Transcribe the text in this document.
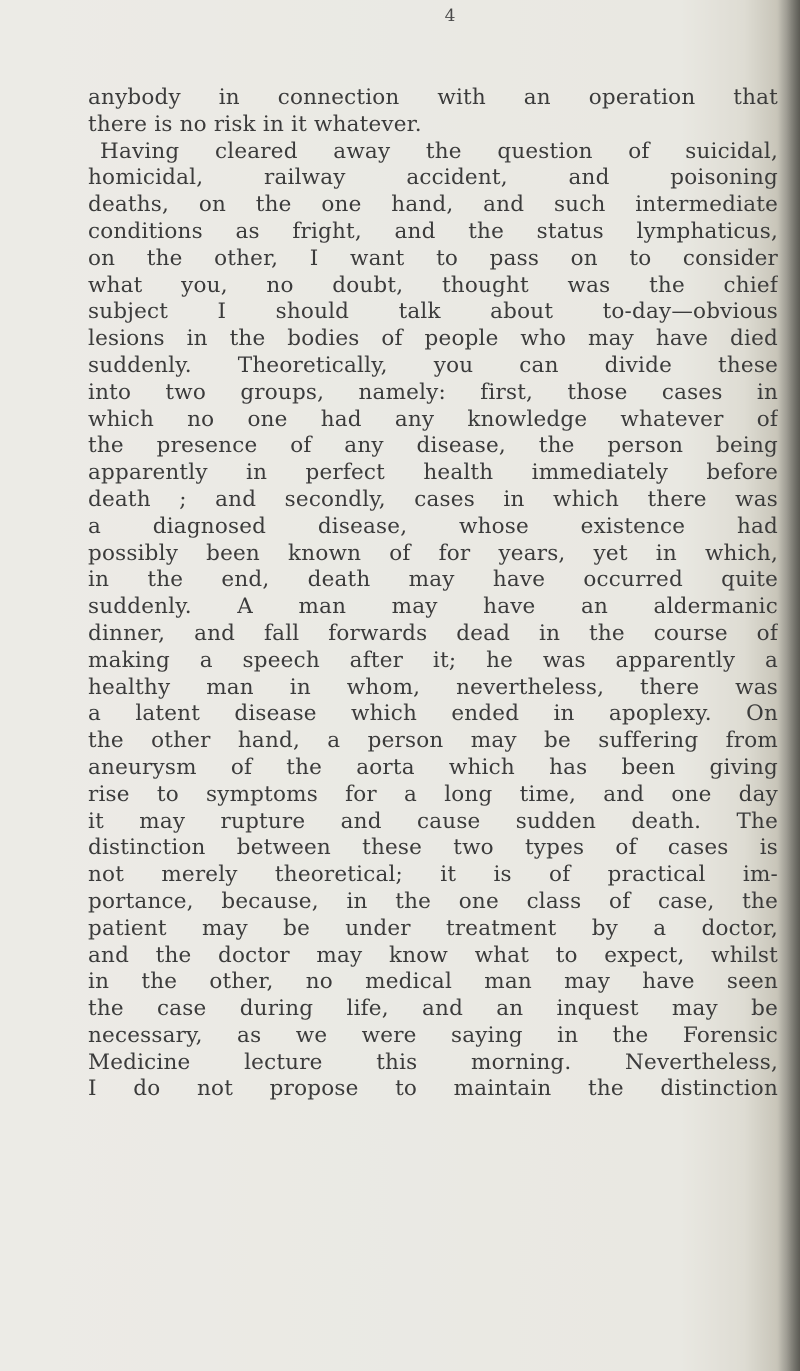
4
anybody in connection with an operation that
there is no risk in it whatever.
Having cleared away the question of suicidal,
homicidal, railway accident, and poisoning
deaths, on the one hand, and such intermediate
conditions as fright, and the status lymphaticus,
on the other, I want to pass on to consider
what you, no doubt, thought was the chief
subject I should talk about to-day—obvious
lesions in the bodies of people who may have died
suddenly. Theoretically, you can divide these
into two groups, namely: first, those cases in
which no one had any knowledge whatever of
the presence of any disease, the person being
apparently in perfect health immediately before
death ; and secondly, cases in which there was
a diagnosed disease, whose existence had
possibly been known of for years, yet in which,
in the end, death may have occurred quite
suddenly. A man may have an aldermanic
dinner, and fall forwards dead in the course of
making a speech after it; he was apparently a
healthy man in whom, nevertheless, there was
a latent disease which ended in apoplexy. On
the other hand, a person may be suffering from
aneurysm of the aorta which has been giving
rise to symptoms for a long time, and one day
it may rupture and cause sudden death. The
distinction between these two types of cases is
not merely theoretical; it is of practical im-
portance, because, in the one class of case, the
patient may be under treatment by a doctor,
and the doctor may know what to expect, whilst
in the other, no medical man may have seen
the case during life, and an inquest may be
necessary, as we were saying in the Forensic
Medicine lecture this morning. Nevertheless,
I do not propose to maintain the distinction
